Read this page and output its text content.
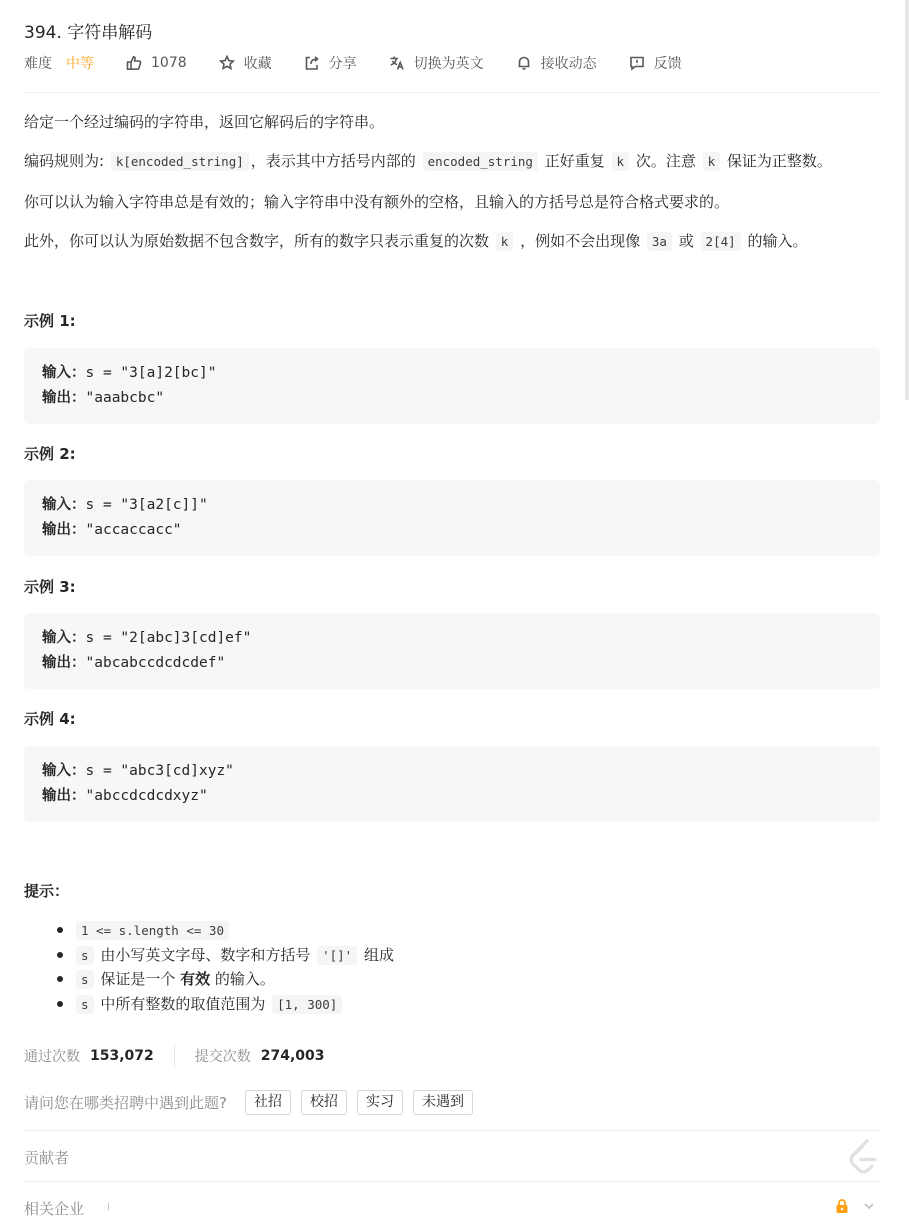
394. 字符串解码
难度 中等	1078	收藏	分享	切换为英文	接收动态	反馈

给定一个经过编码的字符串，返回它解码后的字符串。

编码规则为: k[encoded_string] ，表示其中方括号内部的 encoded_string 正好重复 k 次。注意 k 保证为正整数。

你可以认为输入字符串总是有效的；输入字符串中没有额外的空格，且输入的方括号总是符合格式要求的。

此外，你可以认为原始数据不包含数字，所有的数字只表示重复的次数 k ，例如不会出现像 3a 或 2[4] 的输入。

示例 1:
输入：s = "3[a]2[bc]"
输出："aaabcbc"
示例 2:
输入：s = "3[a2[c]]"
输出："accaccacc"
示例 3:
输入：s = "2[abc]3[cd]ef"
输出："abcabccdcdcdef"
示例 4:
输入：s = "abc3[cd]xyz"
输出："abccdcdcdxyz"
提示：
1 <= s.length <= 30
s 由小写英文字母、数字和方括号 '[]' 组成
s 保证是一个 有效 的输入。
s 中所有整数的取值范围为 [1, 300]
通过次数 153,072	提交次数 274,003
请问您在哪类招聘中遇到此题?	社招	校招	实习	未遇到
贡献者
相关企业 i
